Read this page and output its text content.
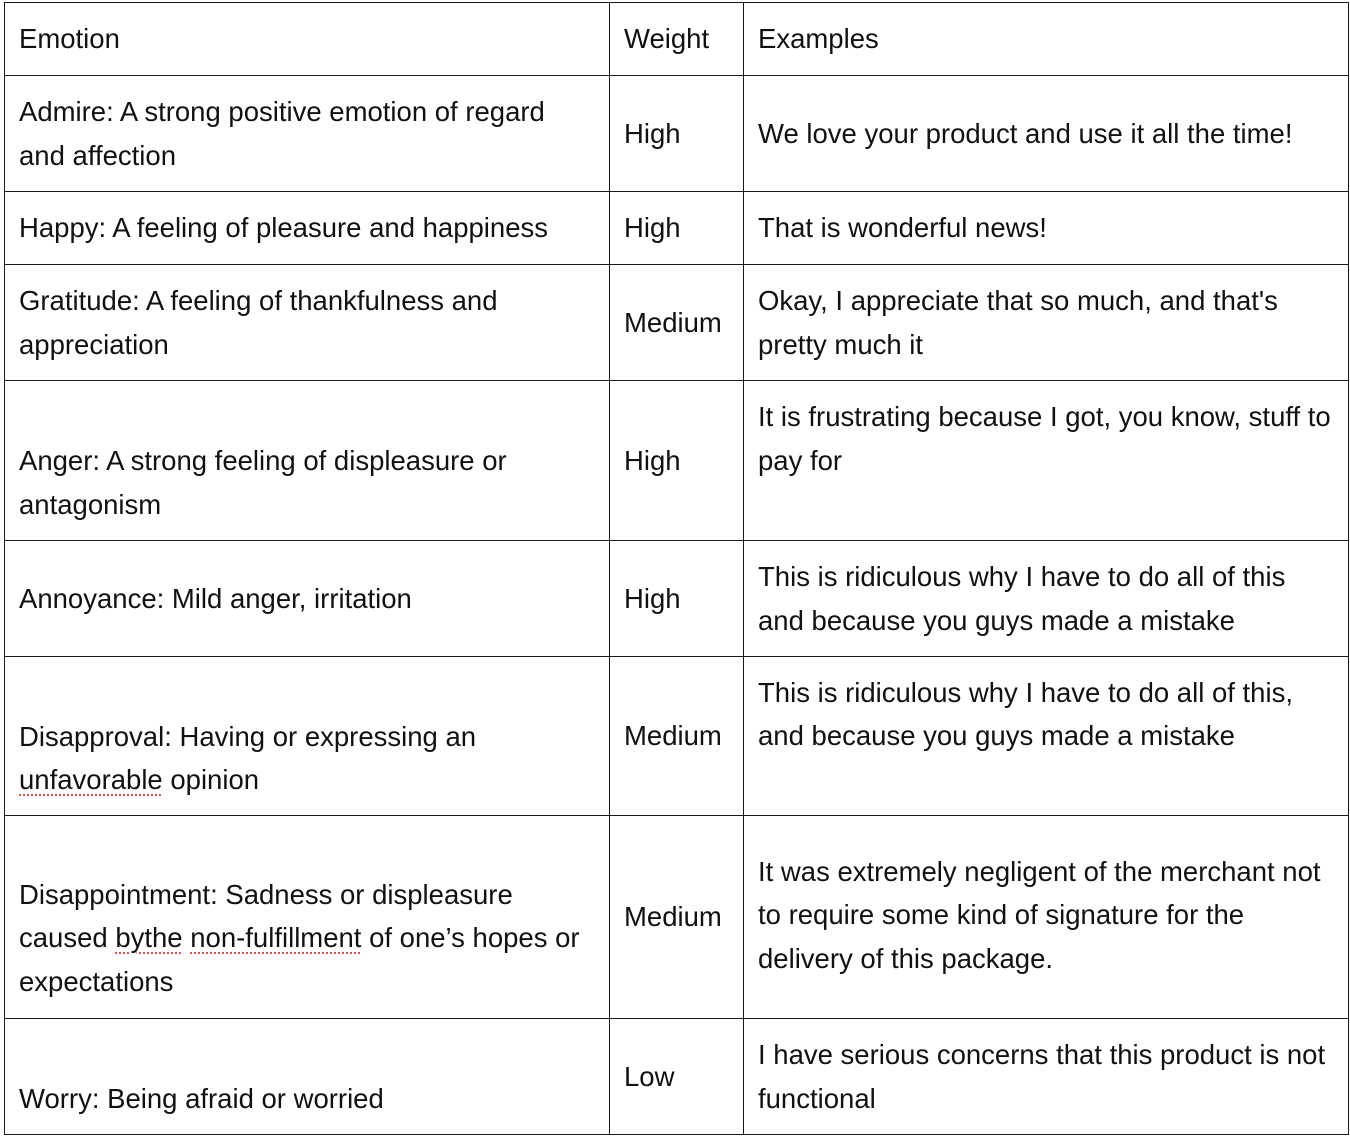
Emotion	Weight	Examples
Admire: A strong positive emotion of regard and affection	High	We love your product and use it all the time!
Happy: A feeling of pleasure and happiness	High	That is wonderful news!
Gratitude: A feeling of thankfulness and appreciation	Medium	Okay, I appreciate that so much, and that's pretty much it

Anger: A strong feeling of displeasure or antagonism	High	It is frustrating because I got, you know, stuff to pay for

Annoyance: Mild anger, irritation	High	This is ridiculous why I have to do all of this and because you guys made a mistake

Disapproval: Having or expressing an unfavorable opinion	Medium	This is ridiculous why I have to do all of this, and because you guys made a mistake

Disappointment: Sadness or displeasure caused bythe non-fulfillment of one’s hopes or expectations	Medium	It was extremely negligent of the merchant not to require some kind of signature for the delivery of this package.

Worry: Being afraid or worried	Low	I have serious concerns that this product is not functional
